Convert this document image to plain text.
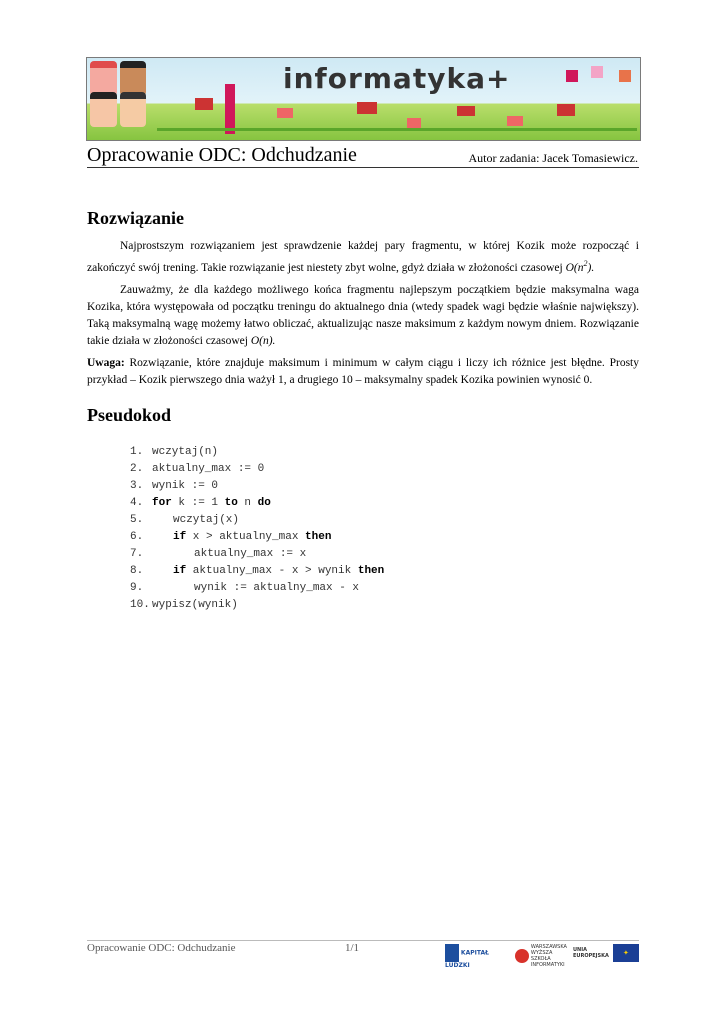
informatyka+
Opracowanie ODC: Odchudzanie	Autor zadania: Jacek Tomasiewicz.
Rozwiązanie

Najprostszym rozwiązaniem jest sprawdzenie każdej pary fragmentu, w której Kozik może rozpocząć i zakończyć swój trening. Takie rozwiązanie jest niestety zbyt wolne, gdyż działa w złożoności czasowej $O(n^2)$.

Zauważmy, że dla każdego możliwego końca fragmentu najlepszym początkiem będzie maksymalna waga Kozika, która występowała od początku treningu do aktualnego dnia (wtedy spadek wagi będzie właśnie największy). Taką maksymalną wagę możemy łatwo obliczać, aktualizując nasze maksimum z każdym nowym dniem. Rozwiązanie takie działa w złożoności czasowej O(n).

Uwaga: Rozwiązanie, które znajduje maksimum i minimum w całym ciągu i liczy ich różnice jest błędne. Prosty przykład – Kozik pierwszego dnia ważył 1, a drugiego 10 – maksymalny spadek Kozika powinien wynosić 0.

Pseudokod
1. wczytaj(n)
2. aktualny_max := 0
3. wynik := 0
4. for k := 1 to n do
5.	wczytaj(x)
6.	if x > aktualny_max then
7.	aktualny_max := x
8.	if aktualny_max - x > wynik then
9.	wynik := aktualny_max - x
10. wypisz(wynik)
Opracowanie ODC: Odchudzanie	1/1	KAPITAŁ LUDZKI
WARSZAWSKA WYŻSZA SZKOŁA INFORMATYKI
UNIA EUROPEJSKA ✦
